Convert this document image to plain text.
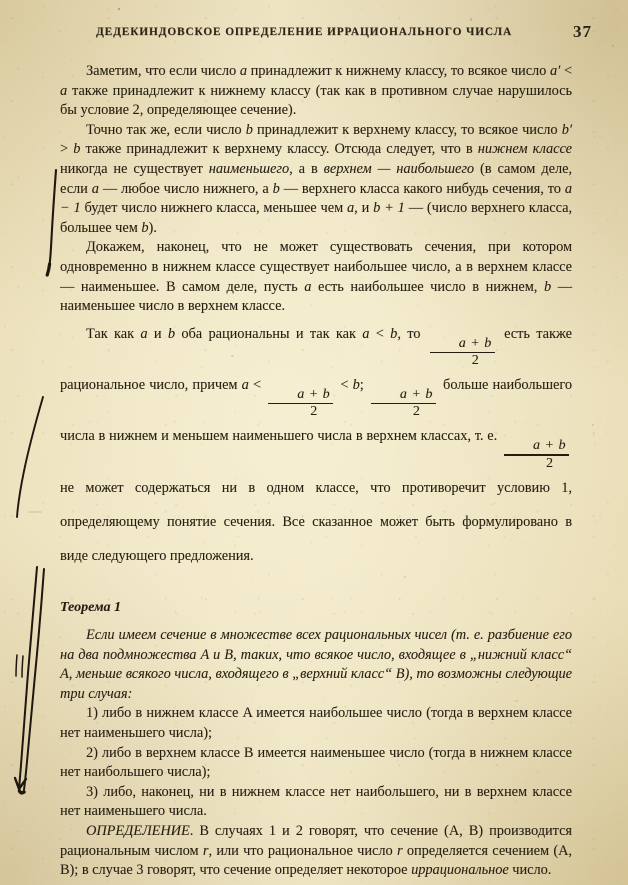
ДЕДЕКИНДОВСКОЕ ОПРЕДЕЛЕНИЕ ИРРАЦИОНАЛЬНОГО ЧИСЛА	37

Заметим, что если число a принадлежит к нижнему классу, то всякое число a′ < a также принадлежит к нижнему классу (так как в противном случае нарушилось бы условие 2, определяющее сечение).

Точно так же, если число b принадлежит к верхнему классу, то всякое число b′ > b также принадлежит к верхнему классу. Отсюда следует, что в нижнем классе никогда не существует наименьшего, а в верхнем — наибольшего (в самом деле, если a — любое число нижнего, а b — верхнего класса какого нибудь сечения, то a − 1 будет число нижнего класса, меньшее чем a, и b + 1 — (число верхнего класса, большее чем b).

Докажем, наконец, что не может существовать сечения, при котором одновременно в нижнем классе существует наибольшее число, а в верхнем классе — наименьшее. В самом деле, пусть a есть наибольшее число в нижнем, b — наименьшее число в верхнем классе.

Так как a и b оба рациональны и так как a < b, то
$\frac{a + b}{2}$
есть также рациональное число, причем a <
$\frac{a + b}{2}$
< b;
$\frac{a + b}{2}$
больше наибольшего числа в нижнем и меньшем наименьшего числа в верхнем классах, т. е.
$\frac{a + b}{2}$
не может содержаться ни в одном классе, что противоречит условию 1, определяющему понятие сечения. Все сказанное может быть формулировано в виде следующего предложения.

Теорема 1

Если имеем сечение в множестве всех рациональных чисел (т. е. разбиение его на два подмножества A и B, таких, что всякое число, входящее в „нижний класс“ A, меньше всякого числа, входящего в „верхний класс“ B), то возможны следующие три случая:

1) либо в нижнем классе A имеется наибольшее число (тогда в верхнем классе нет наименьшего числа);

2) либо в верхнем классе B имеется наименьшее число (тогда в нижнем классе нет наибольшего числа);

3) либо, наконец, ни в нижнем классе нет наибольшего, ни в верхнем классе нет наименьшего числа.

ОПРЕДЕЛЕНИЕ. В случаях 1 и 2 говорят, что сечение (A, B) производится рациональным числом r, или что рациональное число r определяется сечением (A, B); в случае 3 говорят, что сечение определяет некоторое иррациональное число.
